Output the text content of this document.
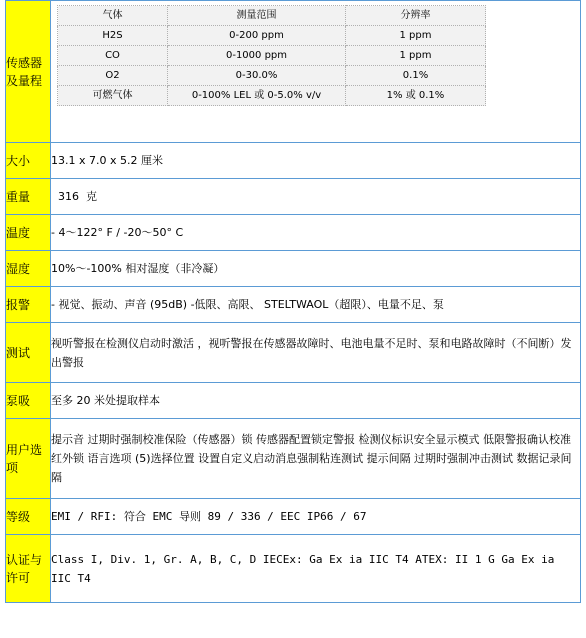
传感器及量程	
气体	测量范围	分辨率
H2S	0-200 ppm	1 ppm
CO	0-1000 ppm	1 ppm
O2	0-30.0%	0.1%
可燃气体	0-100% LEL 或 0-5.0% v/v	1% 或 0.1%

大小	13.1 x 7.0 x 5.2 厘米
重量	316  克
温度	- 4～122° F / -20～50° C
湿度	10%～-100% 相对湿度（非冷凝）
报警	- 视觉、振动、声音 (95dB) -低限、高限、 STELTWAOL（超限）、电量不足、泵
测试	视听警报在检测仪启动时激活 ，视听警报在传感器故障时、电池电量不足时、泵和电路故障时（不间断）发出警报
泵吸	至多 20 米处提取样本
用户选项	提示音 过期时强制校准保险（传感器）锁 传感器配置锁定警报 检测仪标识安全显示模式 低限警报确认校准红外锁 语言选项 (5)选择位置 设置自定义启动消息强制粘连测试 提示间隔 过期时强制冲击测试 数据记录间隔
等级	EMI / RFI: 符合 EMC 导则 89 / 336 / EEC IP66 / 67
认证与许可	Class I, Div. 1, Gr. A, B, C, D IECEx: Ga Ex ia IIC T4 ATEX: II 1 G Ga Ex ia IIC T4
